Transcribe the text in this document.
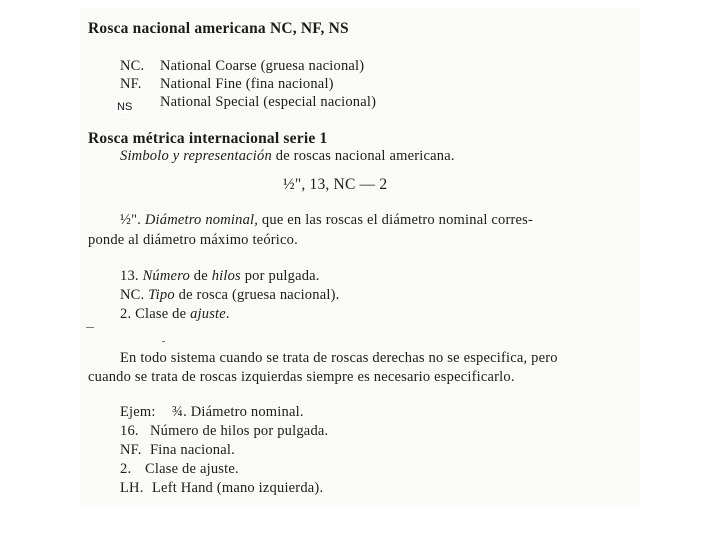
Rosca nacional americana NC, NF, NS
NC. National Coarse (gruesa nacional)
NF. National Fine (fina nacional)
NS National Special (especial nacional)
Rosca métrica internacional serie 1
Simbolo y representación de roscas nacional americana.
½", 13, NC — 2
½". Diámetro nominal, que en las roscas el diámetro nominal corres-
ponde al diámetro máximo teórico.
13. Número de hilos por pulgada.
NC. Tipo de rosca (gruesa nacional).
2. Clase de ajuste.
En todo sistema cuando se trata de roscas derechas no se especifica, pero
cuando se trata de roscas izquierdas siempre es necesario especificarlo.
Ejem: ¾. Diámetro nominal.
16. Número de hilos por pulgada.
NF. Fina nacional.
2. Clase de ajuste.
LH. Left Hand (mano izquierda).
